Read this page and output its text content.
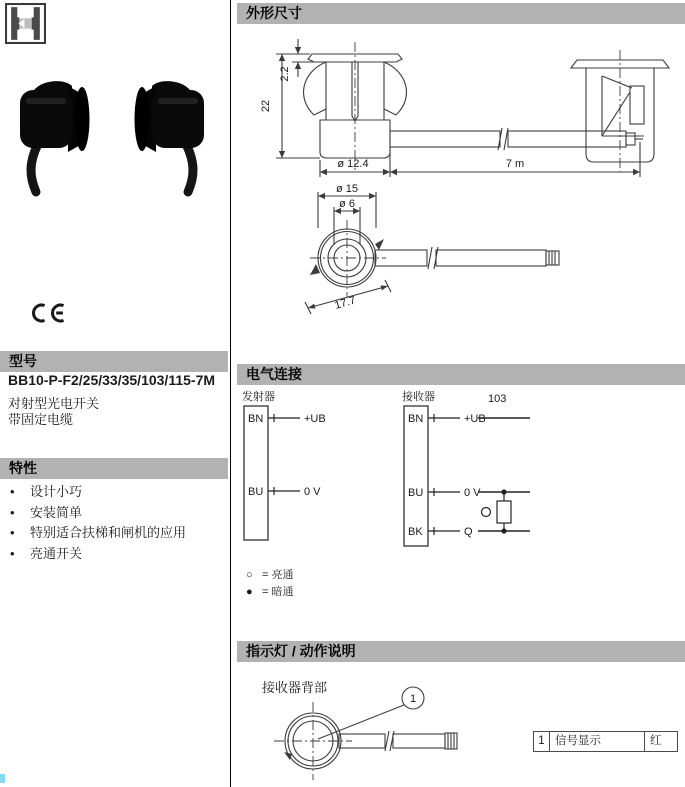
型号
BB10-P-F2/25/33/35/103/115-7M
对射型光电开关
带固定电缆
特性
•	设计小巧
•	安装简单
•	特别适合扶梯和闸机的应用
•	亮通开关
外形尺寸
22
2.2
ø 12.4	7 m
ø 15
ø 6
17.7
电气连接
发射器
BN	+UB
BU	0 V
接收器
BN	+UB
BU	0 V
BK	Q
103
○ = 亮通
● = 暗通
指示灯 / 动作说明
接收器背部
1
1 信号显示	红
